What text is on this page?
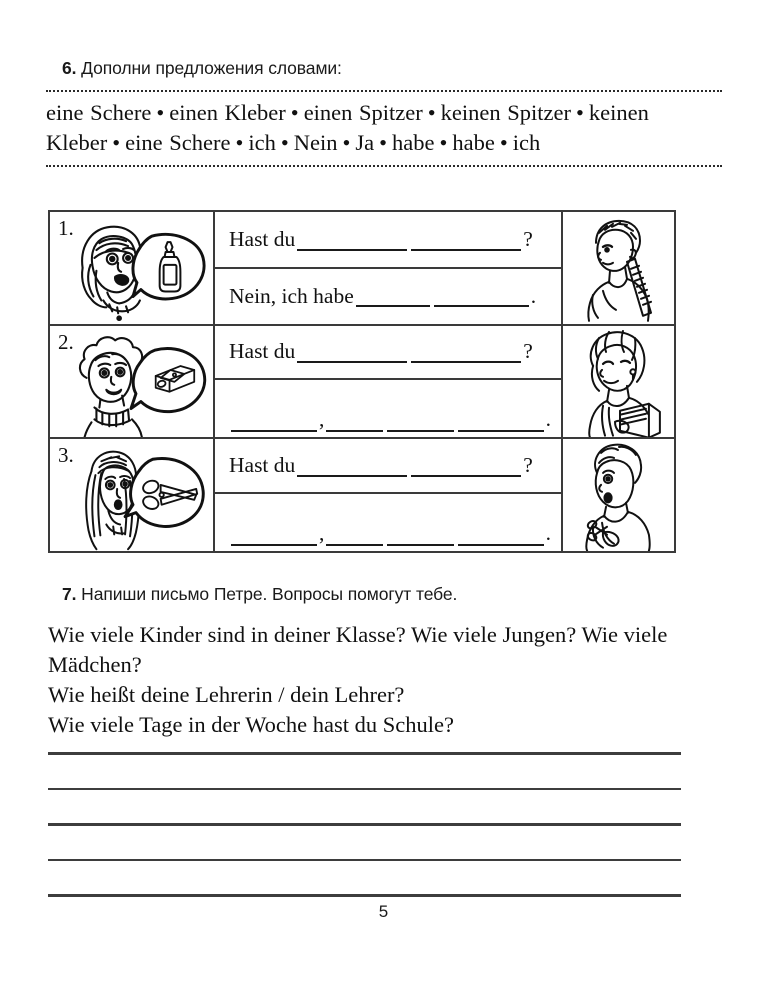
6. Дополни предложения словами:
eine Schere • einen Kleber • einen Spitzer • keinen Spitzer • keinen Kleber • eine Schere • ich • Nein • Ja • habe • habe • ich
1.	Hast du	?
Nein, ich habe	.
2.	Hast du	?
,	.
3.	Hast du	?
,	.
7. Напиши письмо Петре. Вопросы помогут тебе.
Wie viele Kinder sind in deiner Klasse? Wie viele Jungen? Wie viele Mädchen?
Wie heißt deine Lehrerin / dein Lehrer?
Wie viele Tage in der Woche hast du Schule?
5
